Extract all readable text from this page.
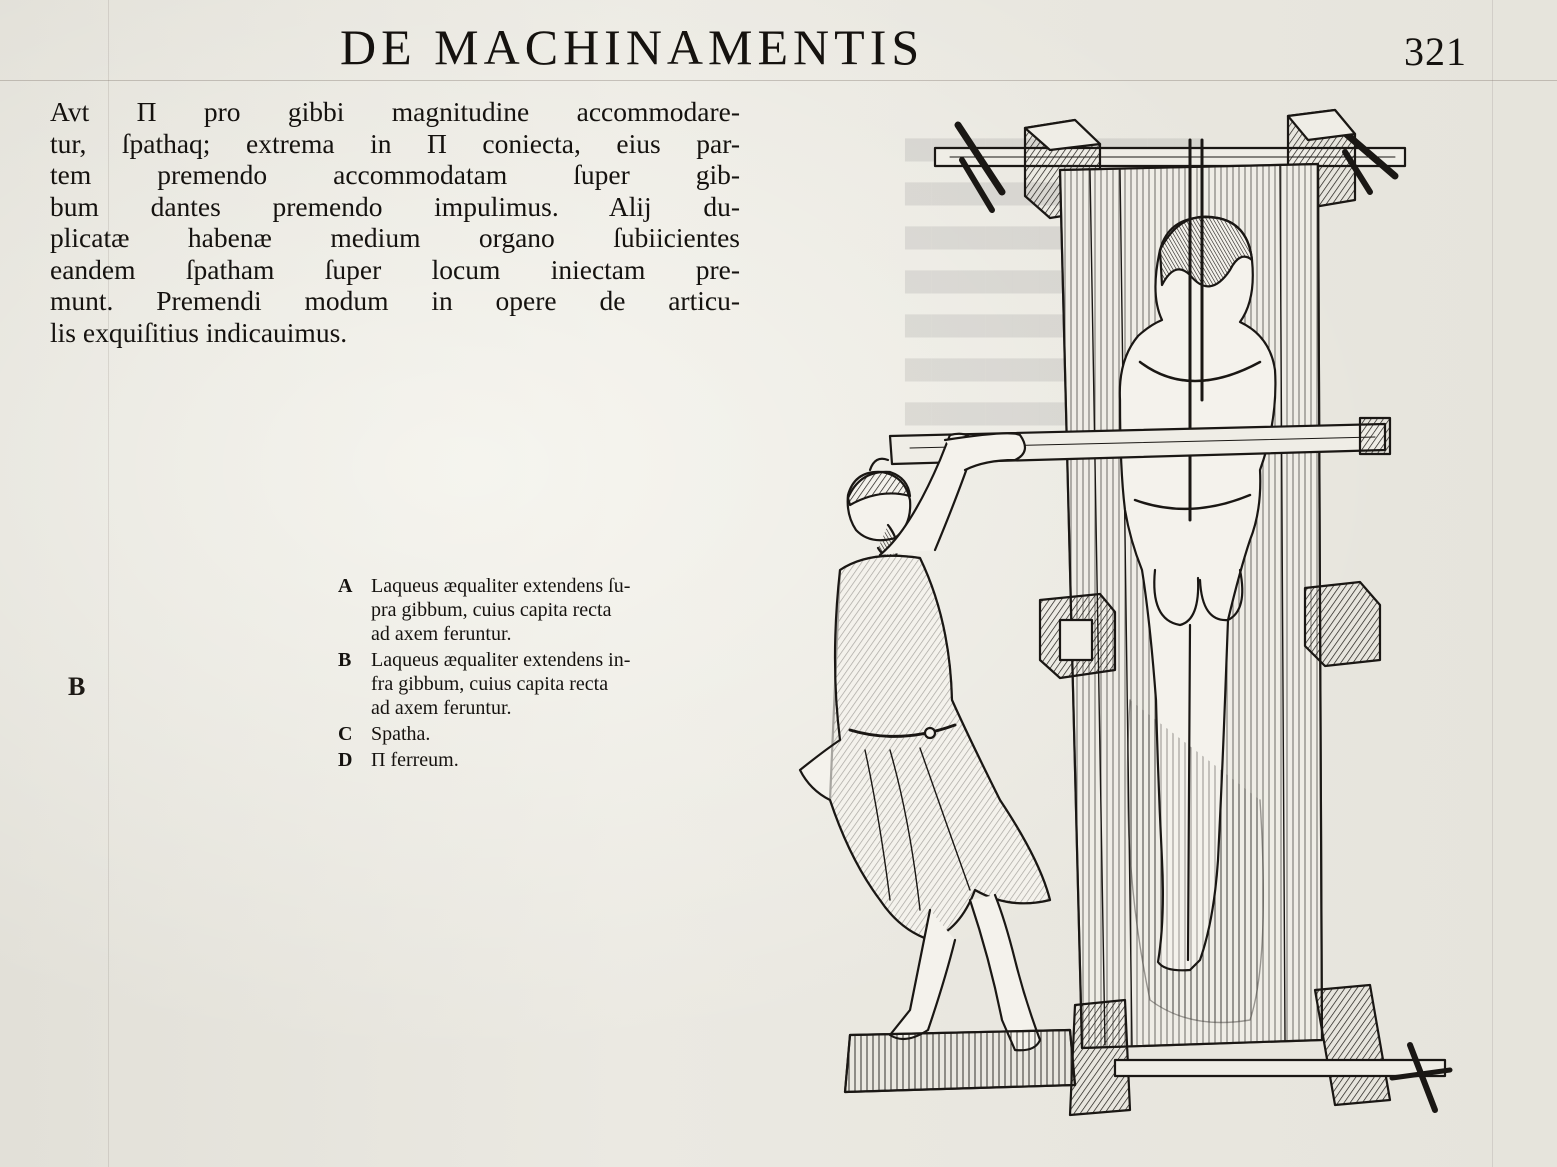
▀▀▀▀▀▀▀▀▀▀▀
▀▀▀▀▀▀▀▀▀▀▀
▀▀▀▀▀▀▀▀▀▀▀
▀▀▀▀▀▀▀▀▀▀▀
▀▀▀▀▀▀▀▀▀▀▀
DE MACHINAMENTIS	321
Avt Π pro gibbi magnitudine accommodare-
tur, ſpathaq; extrema in Π coniecta, eius par-
tem premendo accommodatam ſuper gib-
bum dantes premendo impulimus. Alij du-
plicatæ habenæ medium organo ſubiicientes
eandem ſpatham ſuper locum iniectam pre-
munt. Premendi modum in opere de articu-
lis exquiſitius indicauimus.
B
A Laqueus æqualiter extendens ſu-
pra gibbum, cuius capita recta
ad axem feruntur.
B Laqueus æqualiter extendens in-
fra gibbum, cuius capita recta
ad axem feruntur.
C Spatha.
D Π ferreum.
